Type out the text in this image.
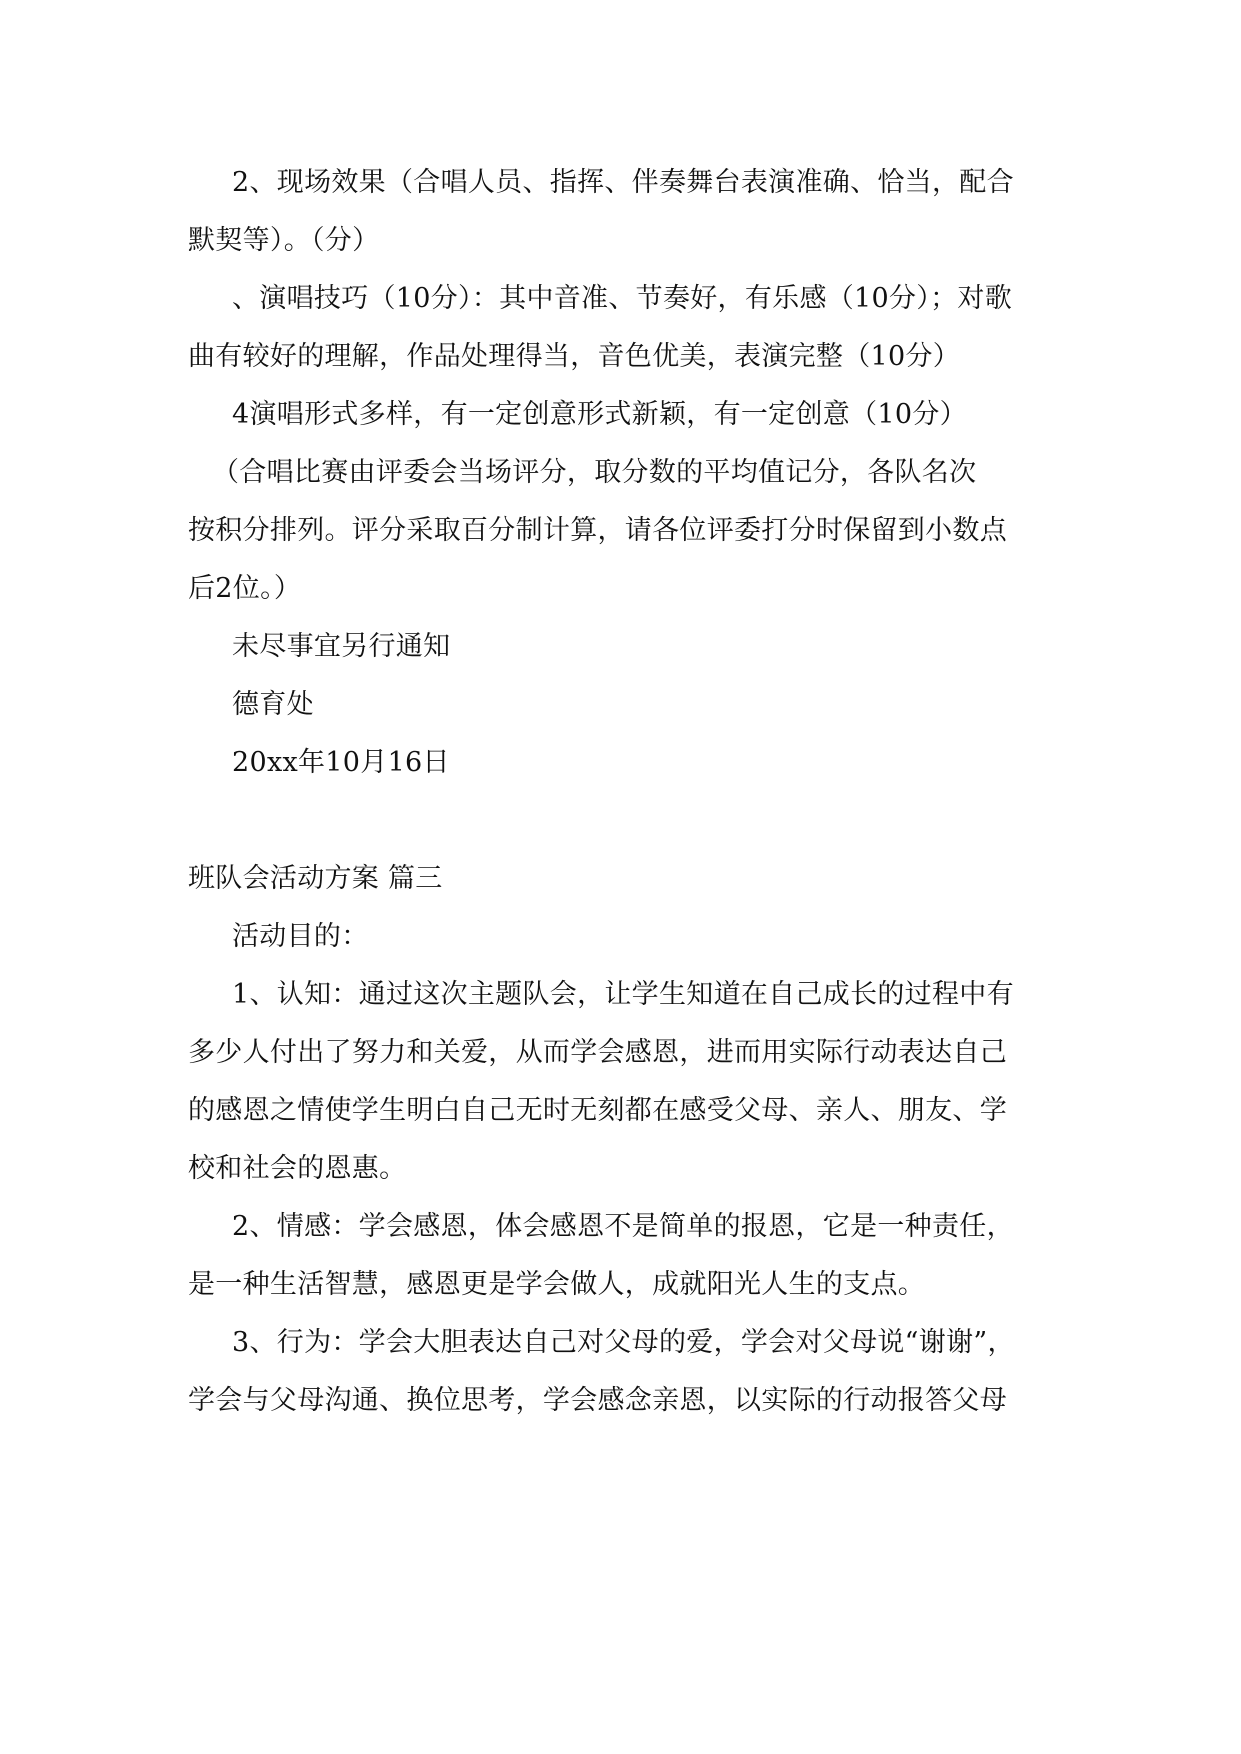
2、现场效果（合唱人员、指挥、伴奏舞台表演准确、恰当，配合
默契等）。（分）
、演唱技巧（10分）：其中音准、节奏好，有乐感（10分）；对歌
曲有较好的理解，作品处理得当，音色优美，表演完整（10分）
4演唱形式多样，有一定创意形式新颖，有一定创意（10分）
（合唱比赛由评委会当场评分，取分数的平均值记分，各队名次
按积分排列。评分采取百分制计算，请各位评委打分时保留到小数点
后2位。）
未尽事宜另行通知
德育处
20xx年10月16日
班队会活动方案 篇三
活动目的：
1、认知：通过这次主题队会，让学生知道在自己成长的过程中有
多少人付出了努力和关爱，从而学会感恩，进而用实际行动表达自己
的感恩之情使学生明白自己无时无刻都在感受父母、亲人、朋友、学
校和社会的恩惠。
2、情感：学会感恩，体会感恩不是简单的报恩，它是一种责任，
是一种生活智慧，感恩更是学会做人，成就阳光人生的支点。
3、行为：学会大胆表达自己对父母的爱，学会对父母说“谢谢”，
学会与父母沟通、换位思考，学会感念亲恩，以实际的行动报答父母
